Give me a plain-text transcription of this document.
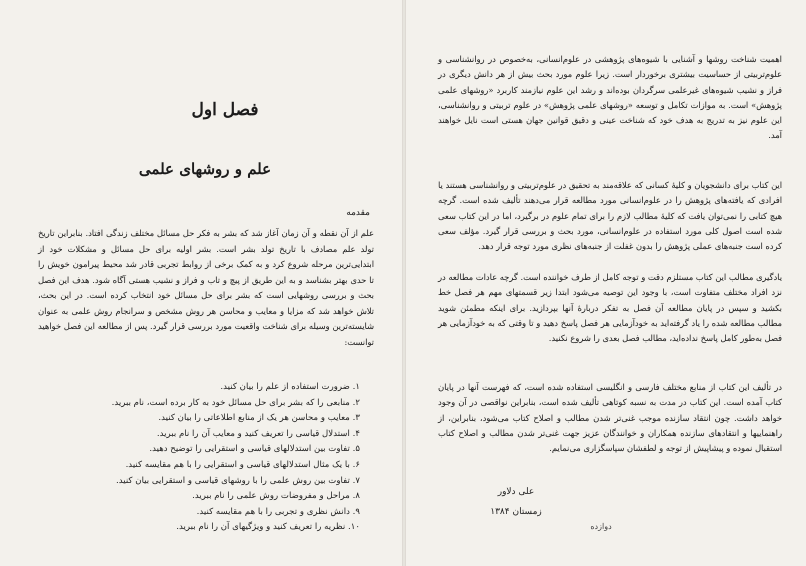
فصل اول
علم و روشهای علمی
مقدمه

علم از آن نقطه و آن زمان آغاز شد که بشر به فکر حل مسائل مختلف زندگی افتاد. بنابراین تاریخ تولد علم مصادف با تاریخ تولد بشر است. بشر اولیه برای حل مسائل و مشکلات خود از ابتدایی‌ترین مرحله شروع کرد و به کمک برخی از روابط تجربی قادر شد محیط پیرامون خویش را تا حدی بهتر بشناسد و به این طریق از پیچ و تاب و فراز و نشیب هستی آگاه شود. هدف این فصل بحث و بررسی روشهایی است که بشر برای حل مسائل خود انتخاب کرده است. در این بحث، تلاش خواهد شد که مزایا و معایب و محاسن هر روش مشخص و سرانجام روش علمی به عنوان شایسته‌ترین وسیله برای شناخت واقعیت مورد بررسی قرار گیرد. پس از مطالعه این فصل خواهید توانست:

۱. ضرورت استفاده از علم را بیان کنید.
۲. منابعی را که بشر برای حل مسائل خود به کار برده است، نام ببرید.
۳. معایب و محاسن هر یک از منابع اطلاعاتی را بیان کنید.
۴. استدلال قیاسی را تعریف کنید و معایب آن را نام ببرید.
۵. تفاوت بین استدلالهای قیاسی و استقرایی را توضیح دهید.
۶. با یک مثال استدلالهای قیاسی و استقرایی را با هم مقایسه کنید.
۷. تفاوت بین روش علمی را با روشهای قیاسی و استقرایی بیان کنید.
۸. مراحل و مفروضات روش علمی را نام ببرید.
۹. دانش نظری و تجربی را با هم مقایسه کنید.
۱۰. نظریه را تعریف کنید و ویژگیهای آن را نام ببرید.

اهمیت شناخت روشها و آشنایی با شیوه‌های پژوهشی در علوم‌انسانی، به‌خصوص در روانشناسی و علوم‌تربیتی از حساسیت بیشتری برخوردار است. زیرا علوم مورد بحث بیش از هر دانش دیگری در فراز و نشیب شیوه‌های غیرعلمی سرگردان بوده‌اند و رشد این علوم نیازمند کاربرد «روشهای علمی پژوهش» است. به موازات تکامل و توسعه «روشهای علمی پژوهش» در علوم تربیتی و روانشناسی، این علوم نیز به تدریج به هدف خود که شناخت عینی و دقیق قوانین جهان هستی است نایل خواهند آمد.

این کتاب برای دانشجویان و کلیهٔ کسانی که علاقه‌مند به تحقیق در علوم‌تربیتی و روانشناسی هستند یا افرادی که یافته‌های پژوهش را در علوم‌انسانی مورد مطالعه قرار می‌دهند تألیف شده است. گرچه هیچ کتابی را نمی‌توان یافت که کلیهٔ مطالب لازم را برای تمام علوم در برگیرد، اما در این کتاب سعی شده است اصول کلی مورد استفاده در علوم‌انسانی، مورد بحث و بررسی قرار گیرد. مؤلف سعی کرده است جنبه‌های عملی پژوهش را بدون غفلت از جنبه‌های نظری مورد توجه قرار دهد.

یادگیری مطالب این کتاب مستلزم دقت و توجه کامل از طرف خواننده است. گرچه عادات مطالعه در نزد افراد مختلف متفاوت است، با وجود این توصیه می‌شود ابتدا زیر قسمتهای مهم هر فصل خط بکشید و سپس در پایان مطالعه آن فصل به تفکر دربارهٔ آنها بپردازید. برای اینکه مطمئن شوید مطالب مطالعه شده را یاد گرفته‌اید به خودآزمایی هر فصل پاسخ دهید و تا وقتی که به خودآزمایی هر فصل به‌طور کامل پاسخ نداده‌اید، مطالب فصل بعدی را شروع نکنید.

در تألیف این کتاب از منابع مختلف فارسی و انگلیسی استفاده شده است، که فهرست آنها در پایان کتاب آمده است. این کتاب در مدت به نسبه کوتاهی تألیف شده است، بنابراین نواقصی در آن وجود خواهد داشت. چون انتقاد سازنده موجب غنی‌تر شدن مطالب و اصلاح کتاب می‌شود، بنابراین، از راهنماییها و انتقادهای سازنده همکاران و خوانندگان عزیز جهت غنی‌تر شدن مطالب و اصلاح کتاب استقبال نموده و پیشاپیش از توجه و لطفشان سپاسگزاری می‌نمایم.

علی دلاور
زمستان ۱۳۸۴
دوازده
